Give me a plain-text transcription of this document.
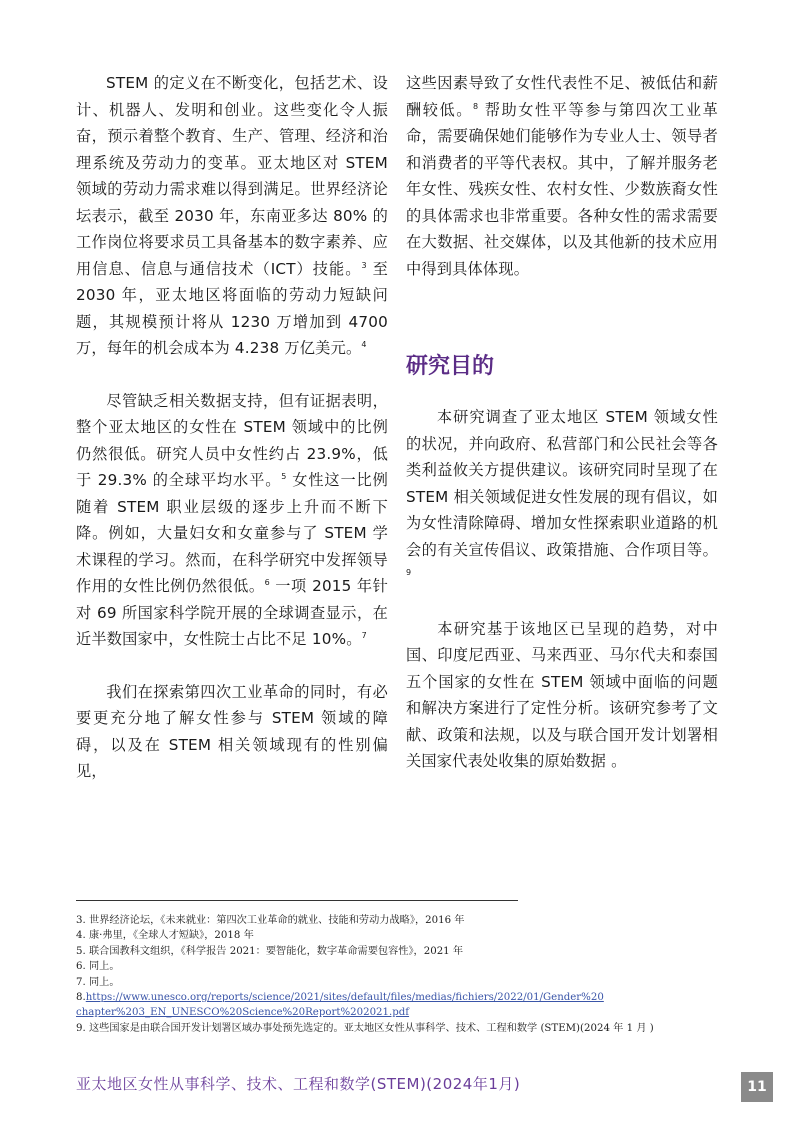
STEM 的定义在不断变化，包括艺术、设计、机器人、发明和创业。这些变化令人振奋，预示着整个教育、生产、管理、经济和治理系统及劳动力的变革。亚太地区对 STEM 领域的劳动力需求难以得到满足。世界经济论坛表示，截至 2030 年，东南亚多达 80% 的工作岗位将要求员工具备基本的数字素养、应用信息、信息与通信技术（ICT）技能。$^3$ 至 2030 年，亚太地区将面临的劳动力短缺问题，其规模预计将从 1230 万增加到 4700 万，每年的机会成本为 4.238 万亿美元。$^4$

尽管缺乏相关数据支持，但有证据表明，整个亚太地区的女性在 STEM 领域中的比例仍然很低。研究人员中女性约占 23.9%，低于 29.3% 的全球平均水平。$^5$ 女性这一比例随着 STEM 职业层级的逐步上升而不断下降。例如，大量妇女和女童参与了 STEM 学术课程的学习。然而，在科学研究中发挥领导作用的女性比例仍然很低。$^6$ 一项 2015 年针对 69 所国家科学院开展的全球调查显示，在近半数国家中，女性院士占比不足 10%。$^7$

我们在探索第四次工业革命的同时，有必要更充分地了解女性参与 STEM 领域的障碍，以及在 STEM 相关领域现有的性别偏见，

这些因素导致了女性代表性不足、被低估和薪酬较低。$^8$ 帮助女性平等参与第四次工业革命，需要确保她们能够作为专业人士、领导者和消费者的平等代表权。其中，了解并服务老年女性、残疾女性、农村女性、少数族裔女性的具体需求也非常重要。各种女性的需求需要在大数据、社交媒体，以及其他新的技术应用中得到具体体现。

研究目的

本研究调查了亚太地区 STEM 领域女性的状况，并向政府、私营部门和公民社会等各类利益攸关方提供建议。该研究同时呈现了在 STEM 相关领域促进女性发展的现有倡议，如为女性清除障碍、增加女性探索职业道路的机会的有关宣传倡议、政策措施、合作项目等。$^9$

本研究基于该地区已呈现的趋势，对中国、印度尼西亚、马来西亚、马尔代夫和泰国五个国家的女性在 STEM 领域中面临的问题和解决方案进行了定性分析。该研究参考了文献、政策和法规，以及与联合国开发计划署相关国家代表处收集的原始数据 。

3. 世界经济论坛，《未来就业：第四次工业革命的就业、技能和劳动力战略》，2016 年
4. 康·弗里，《全球人才短缺》，2018 年
5. 联合国教科文组织，《科学报告 2021：要智能化，数字革命需要包容性》，2021 年
6. 同上。
7. 同上。
8.https://www.unesco.org/reports/science/2021/sites/default/files/medias/fichiers/2022/01/Gender%20
chapter%203_EN_UNESCO%20Science%20Report%202021.pdf
9. 这些国家是由联合国开发计划署区域办事处预先选定的。亚太地区女性从事科学、技术、工程和数学 (STEM)(2024 年 1 月 )
亚太地区女性从事科学、技术、工程和数学(STEM)(2024年1月)	11
